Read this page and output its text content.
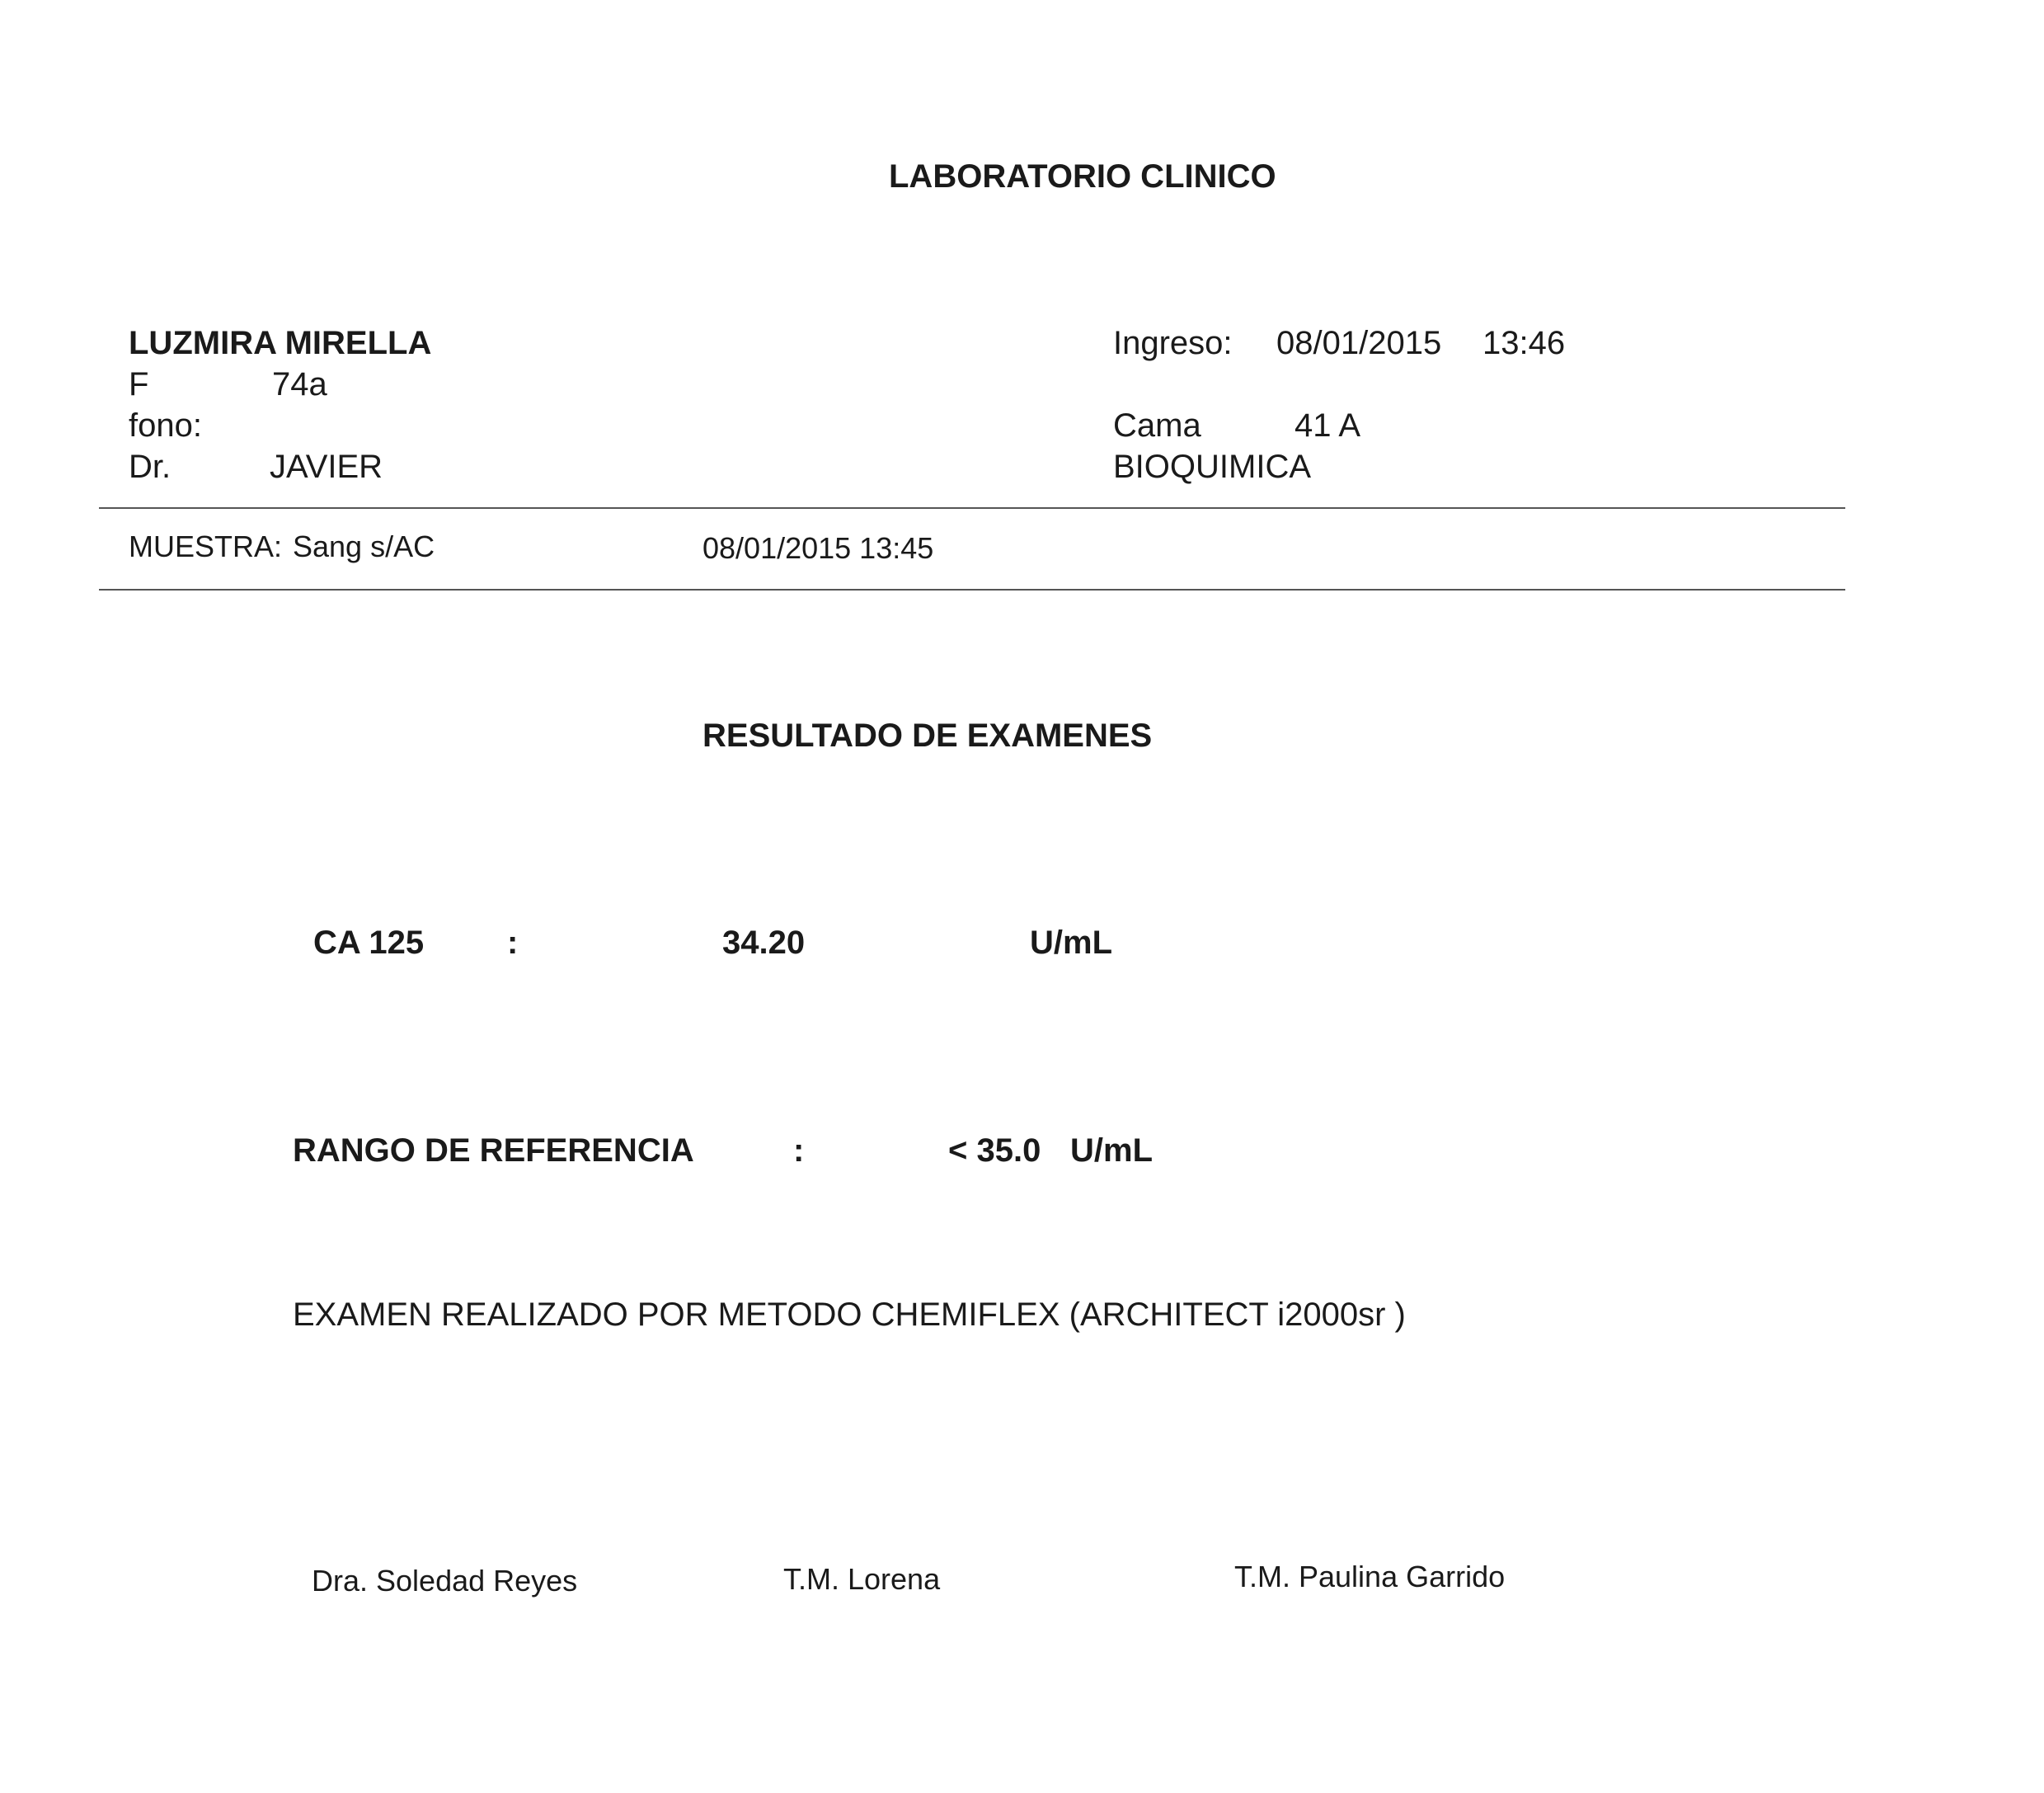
LABORATORIO CLINICO
LUZMIRA MIRELLA
F	74a
fono:
Dr.	JAVIER
Ingreso: 08/01/2015 13:46
Cama	41 A
BIOQUIMICA
MUESTRA: Sang s/AC	08/01/2015 13:45
RESULTADO DE EXAMENES
CA 125	:	34.20	U/mL
RANGO DE REFERENCIA	:	< 35.0 U/mL
EXAMEN REALIZADO POR METODO CHEMIFLEX (ARCHITECT i2000sr )
Dra. Soledad Reyes	T.M. Lorena	T.M. Paulina Garrido
